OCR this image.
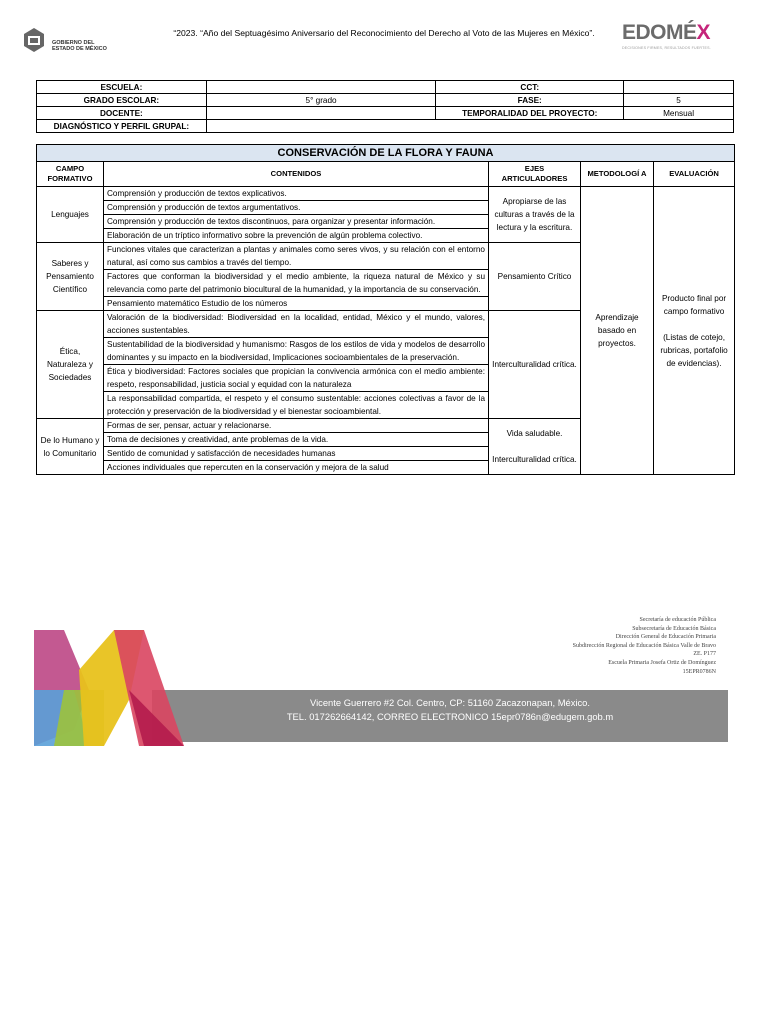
GOBIERNO DEL
ESTADO DE MÉXICO
“2023. “Año del Septuagésimo Aniversario del Reconocimiento del Derecho al Voto de las Mujeres en México”.	EDOMÉX
DECISIONES FIRMES, RESULTADOS FUERTES.
ESCUELA:		CCT:	
GRADO ESCOLAR:	5° grado	FASE:	5
DOCENTE:		TEMPORALIDAD DEL PROYECTO:	Mensual
DIAGNÓSTICO Y PERFIL GRUPAL:			
CONSERVACIÓN DE LA FLORA Y FAUNA				
CAMPO FORMATIVO	CONTENIDOS	EJES ARTICULADORES	METODOLOGÍ A	EVALUACIÓN
Lenguajes	Comprensión y producción de textos explicativos.	Apropiarse de las culturas a través de la lectura y la escritura.	Aprendizaje basado en proyectos.	Producto final por campo formativo
(Listas de cotejo, rubricas, portafolio de evidencias).

	Comprensión y producción de textos argumentativos.			
	Comprensión y producción de textos discontinuos, para organizar y presentar información.			
	Elaboración de un tríptico informativo sobre la prevención de algún problema colectivo.			
Saberes y Pensamiento Científico	Funciones vitales que caracterizan a plantas y animales como seres vivos, y su relación con el entorno natural, así como sus cambios a través del tiempo.	Pensamiento Crítico		
	Factores que conforman la biodiversidad y el medio ambiente, la riqueza natural de México y su relevancia como parte del patrimonio biocultural de la humanidad, y la importancia de su conservación.			
	Pensamiento matemático Estudio de los números			
Ética, Naturaleza y Sociedades	Valoración de la biodiversidad: Biodiversidad en la localidad, entidad, México y el mundo, valores, acciones sustentables.	Interculturalidad crítica.		
	Sustentabilidad de la biodiversidad y humanismo: Rasgos de los estilos de vida y modelos de desarrollo dominantes y su impacto en la biodiversidad, Implicaciones socioambientales de la preservación.			
	Ética y biodiversidad: Factores sociales que propician la convivencia armónica con el medio ambiente: respeto, responsabilidad, justicia social y equidad con la naturaleza			
	La responsabilidad compartida, el respeto y el consumo sustentable: acciones colectivas a favor de la protección y preservación de la biodiversidad y el bienestar socioambiental.			
De lo Humano y lo Comunitario	Formas de ser, pensar, actuar y relacionarse.	Vida saludable.
Interculturalidad crítica.		

	Toma de decisiones y creatividad, ante problemas de la vida.			
	Sentido de comunidad y satisfacción de necesidades humanas			
	Acciones individuales que repercuten en la conservación y mejora de la salud			
Secretaría de educación Pública
Subsecretaría de Educación Básica
Dirección General de Educación Primaria
Subdirección Regional de Educación Básica Valle de Bravo
ZE. P177
Escuela Primaria Josefa Ortiz de Domínguez
15EPR0786N
Vicente Guerrero #2 Col. Centro, CP: 51160 Zacazonapan, México.
TEL. 017262664142, CORREO ELECTRONICO 15epr0786n@edugem.gob.m
